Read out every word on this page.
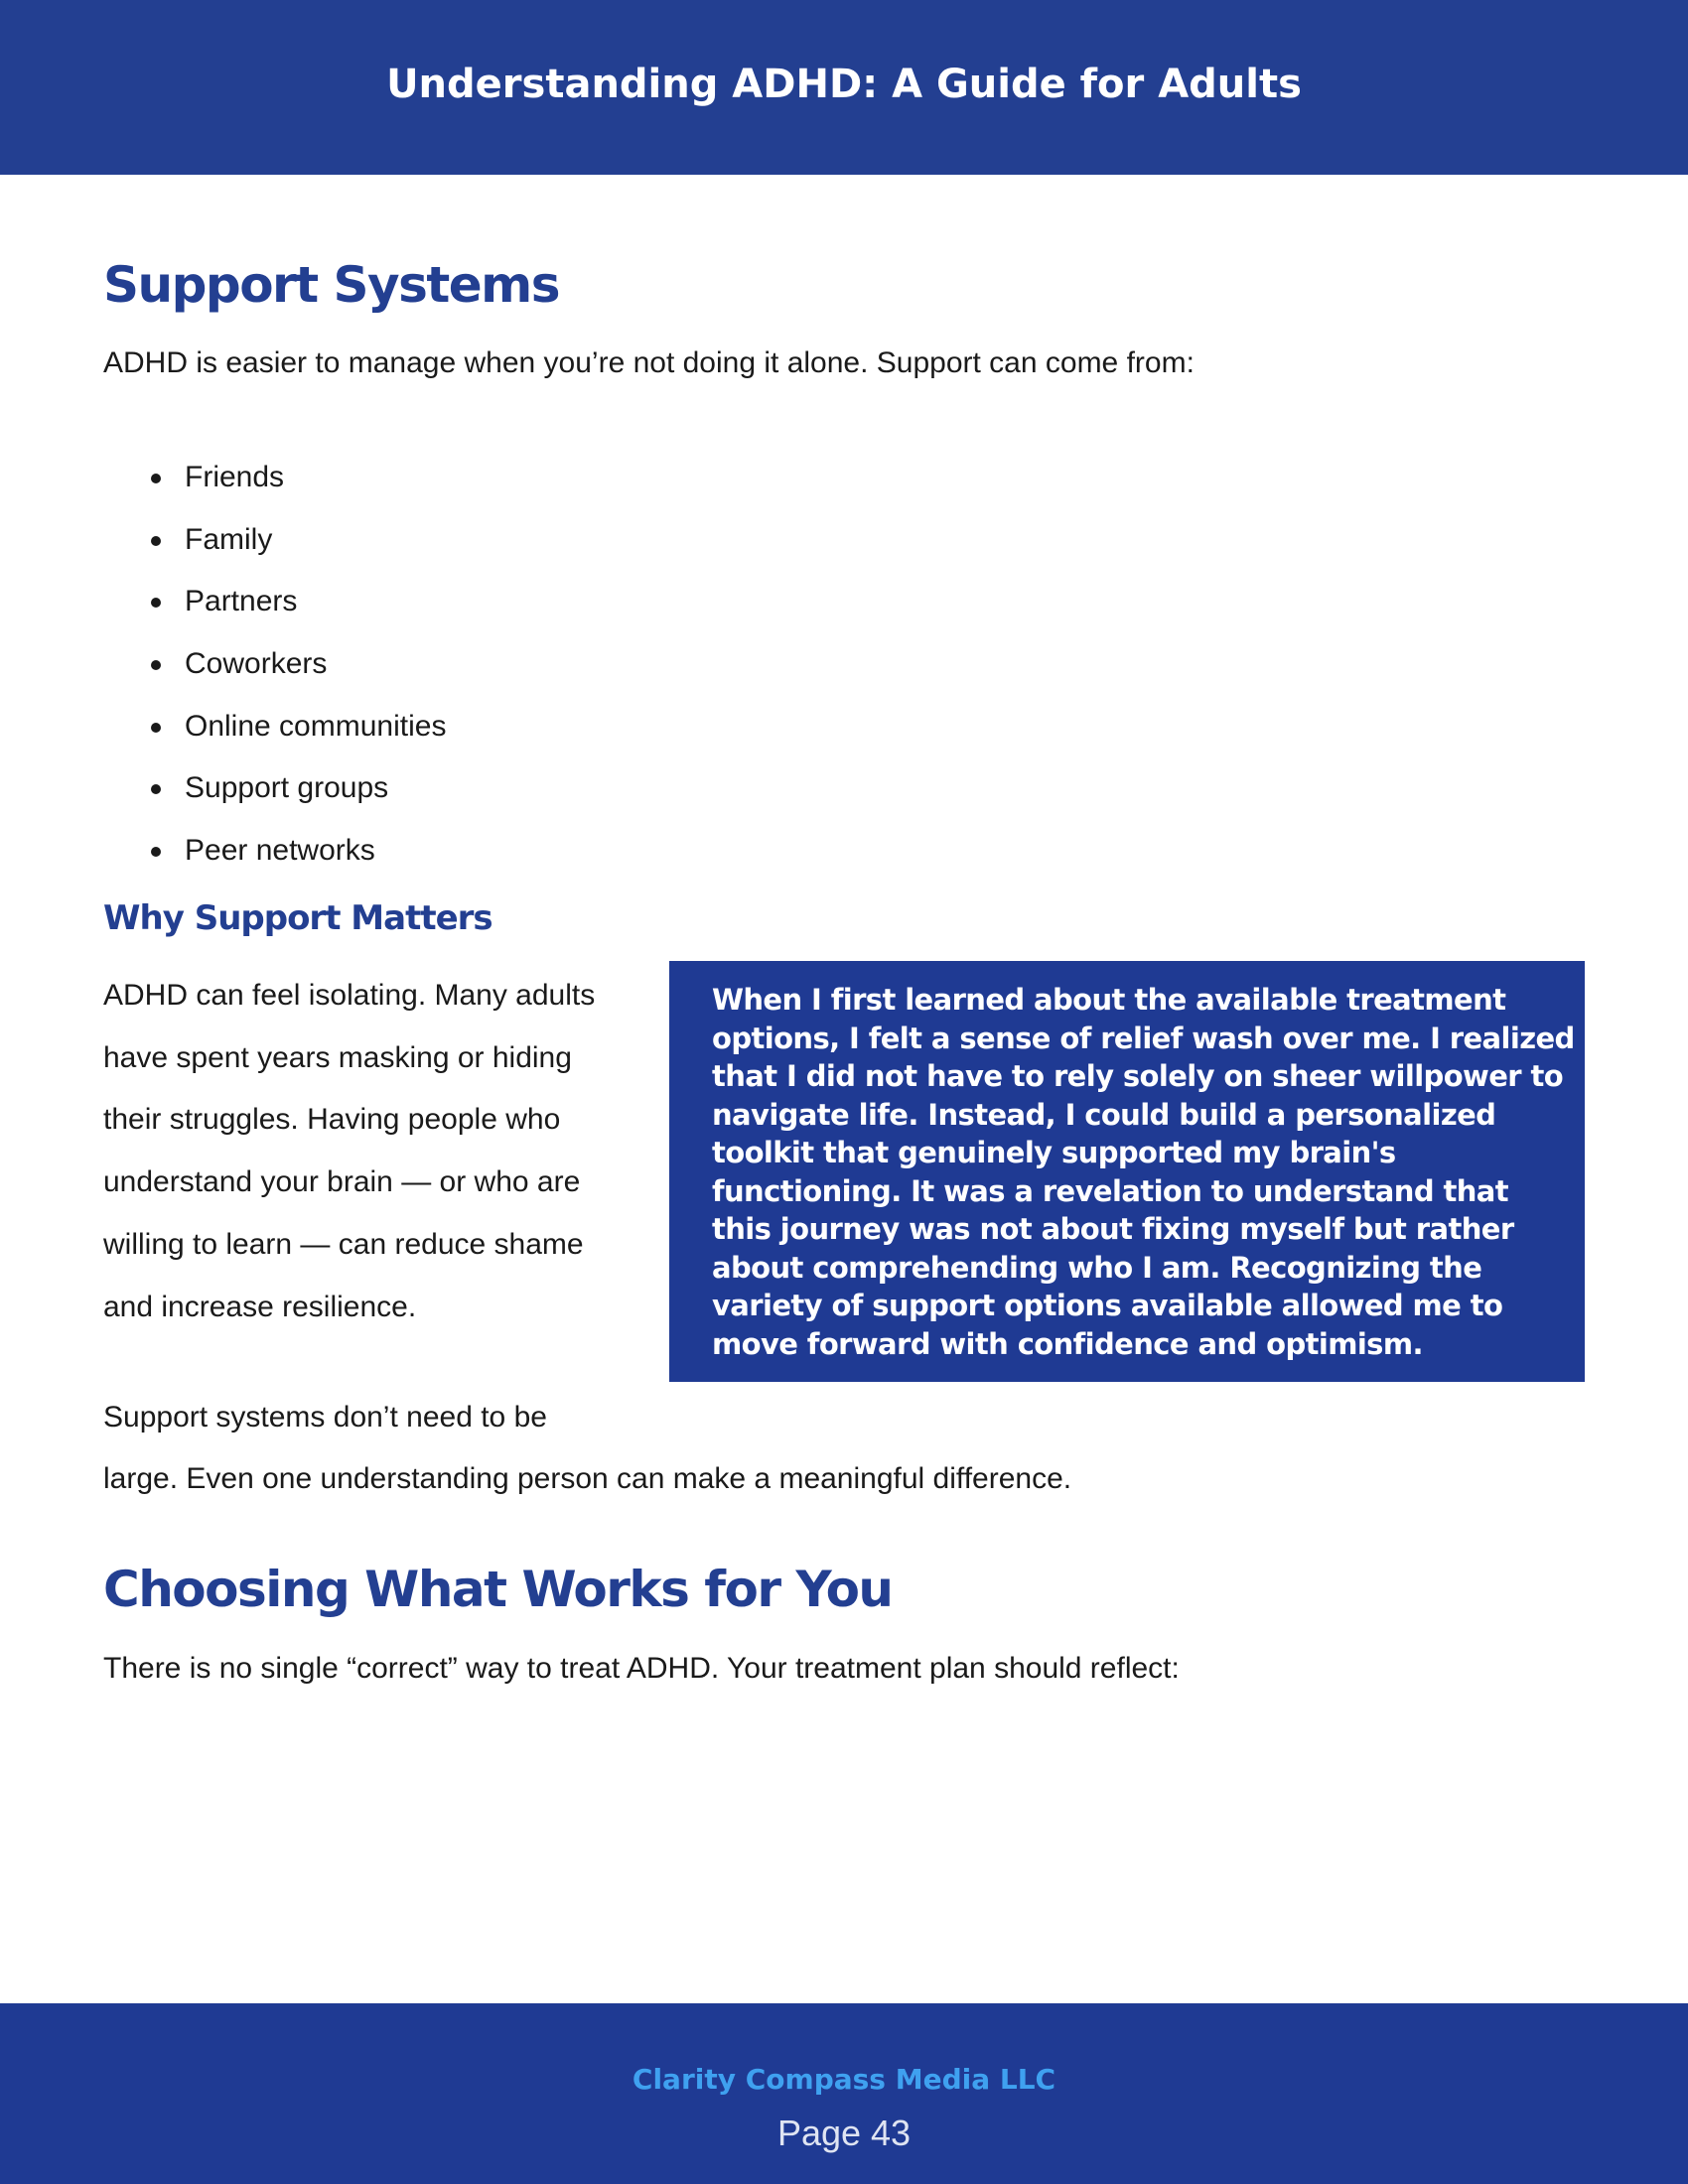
Understanding ADHD: A Guide for Adults
Support Systems
ADHD is easier to manage when you’re not doing it alone. Support can come from:
Friends
Family
Partners
Coworkers
Online communities
Support groups
Peer networks
Why Support Matters
ADHD can feel isolating. Many adults
have spent years masking or hiding
their struggles. Having people who
understand your brain — or who are
willing to learn — can reduce shame
and increase resilience.
When I first learned about the available treatment
options, I felt a sense of relief wash over me. I realized
that I did not have to rely solely on sheer willpower to
navigate life. Instead, I could build a personalized
toolkit that genuinely supported my brain's
functioning. It was a revelation to understand that
this journey was not about fixing myself but rather
about comprehending who I am. Recognizing the
variety of support options available allowed me to
move forward with confidence and optimism.
Support systems don’t need to be
large. Even one understanding person can make a meaningful difference.
Choosing What Works for You
There is no single “correct” way to treat ADHD. Your treatment plan should reflect:
Clarity Compass Media LLC
Page 43
